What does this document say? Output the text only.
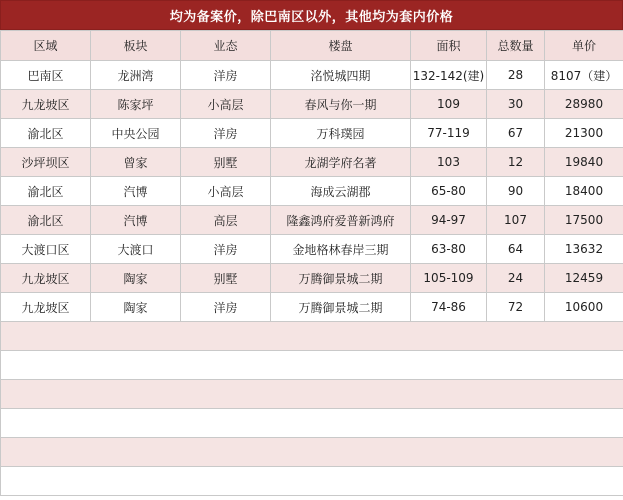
均为备案价，除巴南区以外，其他均为套内价格
区域	板块	业态	楼盘	面积	总数量	单价
巴南区	龙洲湾	洋房	洺悦城四期	132-142(建)	28	8107（建）
九龙坡区	陈家坪	小高层	春风与你一期	109	30	28980
渝北区	中央公园	洋房	万科璞园	77-119	67	21300
沙坪坝区	曾家	别墅	龙湖学府名著	103	12	19840
渝北区	汽博	小高层	海成云湖郡	65-80	90	18400
渝北区	汽博	高层	隆鑫鸿府爱普新鸿府	94-97	107	17500
大渡口区	大渡口	洋房	金地格林春岸三期	63-80	64	13632
九龙坡区	陶家	别墅	万腾御景城二期	105-109	24	12459
九龙坡区	陶家	洋房	万腾御景城二期	74-86	72	10600
